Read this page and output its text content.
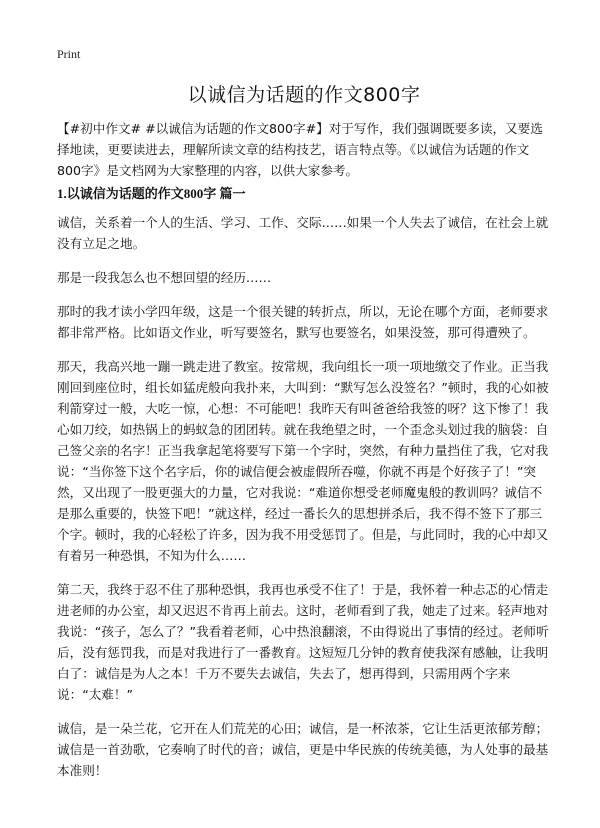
Print
以诚信为话题的作文800字

【#初中作文# #以诚信为话题的作文800字#】对于写作，我们强调既要多读，又要选择地读，更要读进去，理解所读文章的结构技艺，语言特点等。《以诚信为话题的作文800字》是文档网为大家整理的内容，以供大家参考。

1.以诚信为话题的作文800字 篇一

诚信，关系着一个人的生活、学习、工作、交际……如果一个人失去了诚信，在社会上就没有立足之地。

那是一段我怎么也不想回望的经历……

那时的我才读小学四年级，这是一个很关键的转折点，所以，无论在哪个方面，老师要求都非常严格。比如语文作业，听写要签名，默写也要签名，如果没签，那可得遭殃了。

那天，我高兴地一蹦一跳走进了教室。按常规，我向组长一项一项地缴交了作业。正当我刚回到座位时，组长如猛虎般向我扑来，大叫到：“默写怎么没签名？”顿时，我的心如被利箭穿过一般，大吃一惊，心想：不可能吧！我昨天有叫爸爸给我签的呀？这下惨了！我心如刀绞，如热锅上的蚂蚁急的团团转。就在我绝望之时，一个歪念头划过我的脑袋：自己签父亲的名字！正当我拿起笔将要写下第一个字时，突然，有种力量挡住了我，它对我说：“当你签下这个名字后，你的诚信便会被虚假所吞噬，你就不再是个好孩子了！”突然，又出现了一股更强大的力量，它对我说：“难道你想受老师魔鬼般的教训吗？诚信不是那么重要的，快签下吧！”就这样，经过一番长久的思想拼杀后，我不得不签下了那三个字。顿时，我的心轻松了许多，因为我不用受惩罚了。但是，与此同时，我的心中却又有着另一种恐惧，不知为什么……

第二天，我终于忍不住了那种恐惧，我再也承受不住了！于是，我怀着一种忐忑的心情走进老师的办公室，却又迟迟不肯再上前去。这时，老师看到了我，她走了过来。轻声地对我说：“孩子，怎么了？”我看着老师，心中热浪翻滚，不由得说出了事情的经过。老师听后，没有惩罚我，而是对我进行了一番教育。这短短几分钟的教育使我深有感触，让我明白了：诚信是为人之本！千万不要失去诚信，失去了，想再得到，只需用两个字来说：“太难！”

诚信，是一朵兰花，它开在人们荒芜的心田；诚信，是一杯浓茶，它让生活更浓郁芳醇；诚信是一首劲歌，它奏响了时代的音；诚信，更是中华民族的传统美德，为人处事的最基本准则！
